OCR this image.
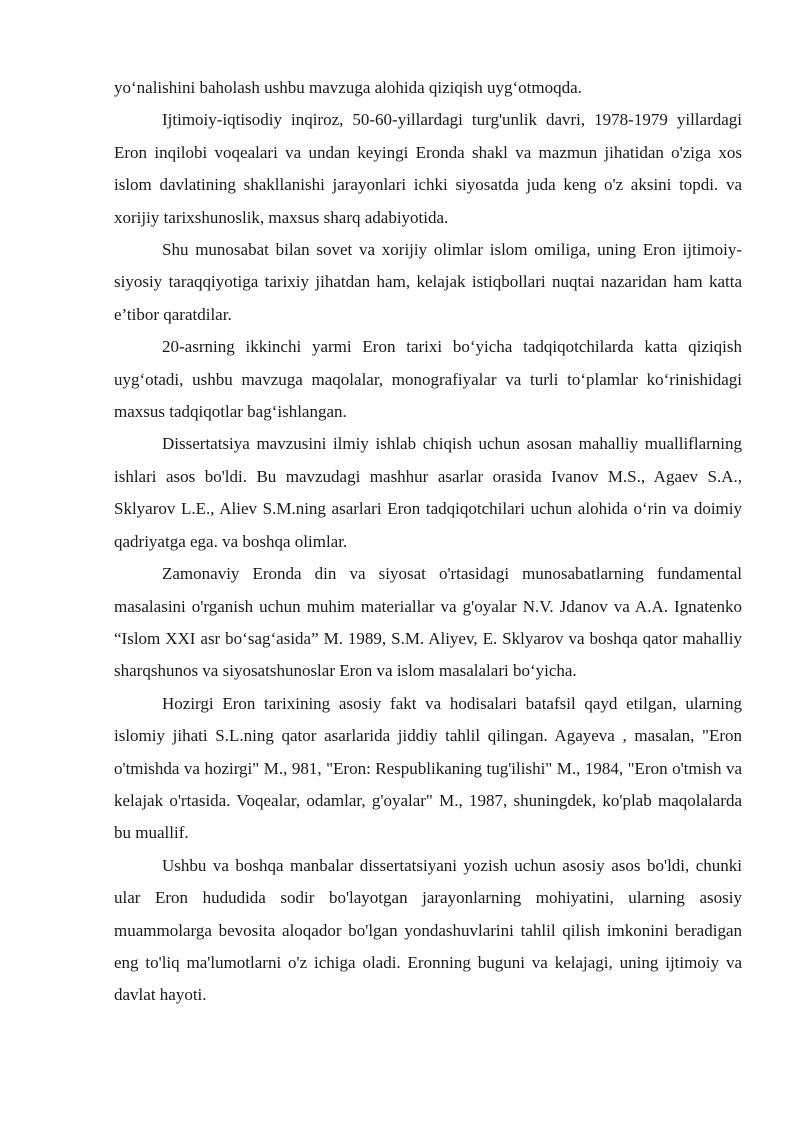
yoʻnalishini baholash ushbu mavzuga alohida qiziqish uygʻotmoqda.

Ijtimoiy-iqtisodiy inqiroz, 50-60-yillardagi turg'unlik davri, 1978-1979 yillardagi Eron inqilobi voqealari va undan keyingi Eronda shakl va mazmun jihatidan o'ziga xos islom davlatining shakllanishi jarayonlari ichki siyosatda juda keng o'z aksini topdi. va xorijiy tarixshunoslik, maxsus sharq adabiyotida.

Shu munosabat bilan sovet va xorijiy olimlar islom omiliga, uning Eron ijtimoiy-siyosiy taraqqiyotiga tarixiy jihatdan ham, kelajak istiqbollari nuqtai nazaridan ham katta e’tibor qaratdilar.

20-asrning ikkinchi yarmi Eron tarixi boʻyicha tadqiqotchilarda katta qiziqish uygʻotadi, ushbu mavzuga maqolalar, monografiyalar va turli toʻplamlar koʻrinishidagi maxsus tadqiqotlar bagʻishlangan.

Dissertatsiya mavzusini ilmiy ishlab chiqish uchun asosan mahalliy mualliflarning ishlari asos bo'ldi. Bu mavzudagi mashhur asarlar orasida Ivanov M.S., Agaev S.A., Sklyarov L.E., Aliev S.M.ning asarlari Eron tadqiqotchilari uchun alohida oʻrin va doimiy qadriyatga ega. va boshqa olimlar.

Zamonaviy Eronda din va siyosat o'rtasidagi munosabatlarning fundamental masalasini o'rganish uchun muhim materiallar va g'oyalar N.V. Jdanov va A.A. Ignatenko “Islom XXI asr boʻsagʻasida” M. 1989, S.M. Aliyev, E. Sklyarov va boshqa qator mahalliy sharqshunos va siyosatshunoslar Eron va islom masalalari boʻyicha.

Hozirgi Eron tarixining asosiy fakt va hodisalari batafsil qayd etilgan, ularning islomiy jihati S.L.ning qator asarlarida jiddiy tahlil qilingan. Agayeva , masalan, "Eron o'tmishda va hozirgi" M., 981, "Eron: Respublikaning tug'ilishi" M., 1984, "Eron o'tmish va kelajak o'rtasida. Voqealar, odamlar, g'oyalar" M., 1987, shuningdek, ko'plab maqolalarda bu muallif.

Ushbu va boshqa manbalar dissertatsiyani yozish uchun asosiy asos bo'ldi, chunki ular Eron hududida sodir bo'layotgan jarayonlarning mohiyatini, ularning asosiy muammolarga bevosita aloqador bo'lgan yondashuvlarini tahlil qilish imkonini beradigan eng to'liq ma'lumotlarni o'z ichiga oladi. Eronning buguni va kelajagi, uning ijtimoiy va davlat hayoti.
